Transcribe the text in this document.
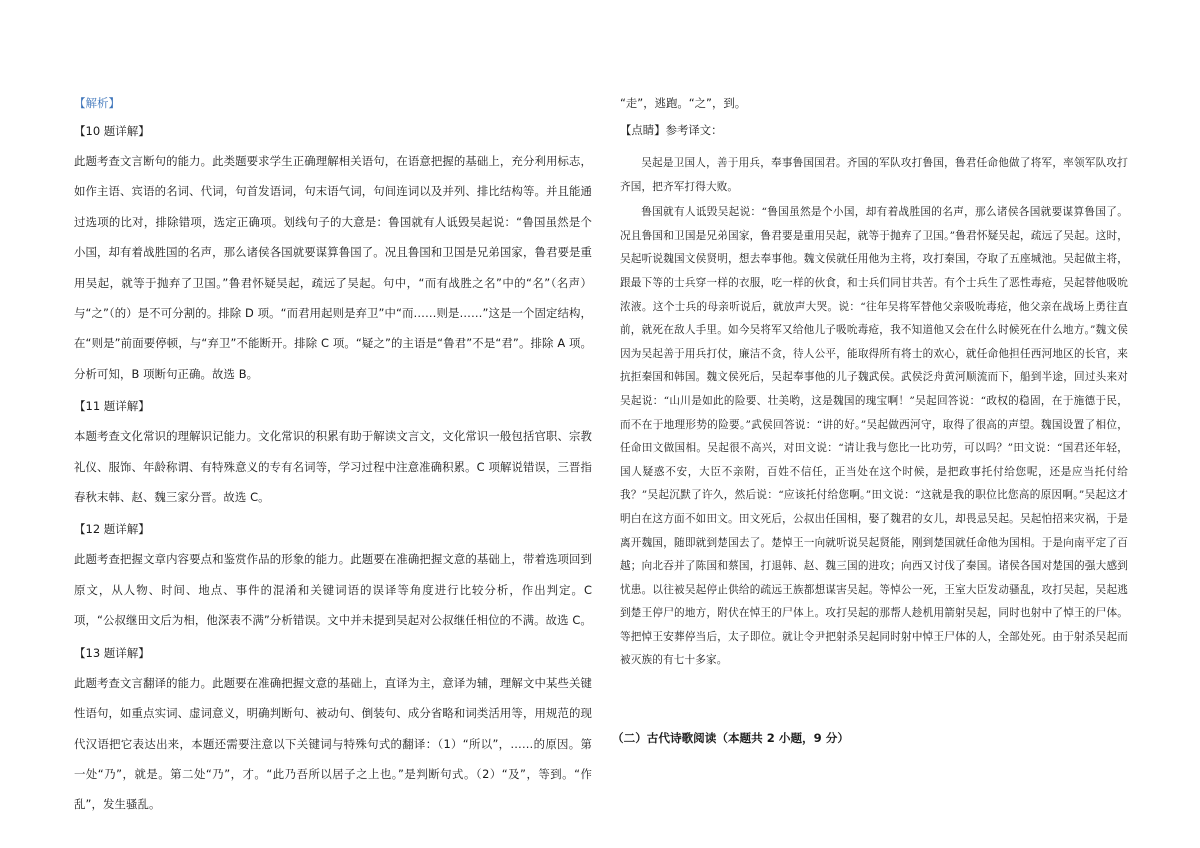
【解析】
【10 题详解】

此题考查文言断句的能力。此类题要求学生正确理解相关语句，在语意把握的基础上，充分利用标志，如作主语、宾语的名词、代词，句首发语词，句末语气词，句间连词以及并列、排比结构等。并且能通过选项的比对，排除错项，选定正确项。划线句子的大意是：鲁国就有人诋毁吴起说：“鲁国虽然是个小国，却有着战胜国的名声，那么诸侯各国就要谋算鲁国了。况且鲁国和卫国是兄弟国家，鲁君要是重用吴起，就等于抛弃了卫国。”鲁君怀疑吴起，疏远了吴起。句中，“而有战胜之名”中的“名”（名声）与“之”（的）是不可分割的。排除 D 项。“而君用起则是弃卫”中“而……则是……”这是一个固定结构，在“则是”前面要停顿，与“弃卫”不能断开。排除 C 项。“疑之”的主语是“鲁君”不是“君”。排除 A 项。分析可知，B 项断句正确。故选 B。

【11 题详解】

本题考查文化常识的理解识记能力。文化常识的积累有助于解读文言文，文化常识一般包括官职、宗教礼仪、服饰、年龄称谓、有特殊意义的专有名词等，学习过程中注意准确积累。C 项解说错误，三晋指春秋末韩、赵、魏三家分晋。故选 C。

【12 题详解】

此题考查把握文章内容要点和鉴赏作品的形象的能力。此题要在准确把握文意的基础上，带着选项回到原文，从人物、时间、地点、事件的混淆和关键词语的误译等角度进行比较分析，作出判定。C 项，“公叔继田文后为相，他深表不满”分析错误。文中并未提到吴起对公叔继任相位的不满。故选 C。

【13 题详解】

此题考查文言翻译的能力。此题要在准确把握文意的基础上，直译为主，意译为辅，理解文中某些关键性语句，如重点实词、虚词意义，明确判断句、被动句、倒装句、成分省略和词类活用等，用规范的现代汉语把它表达出来，本题还需要注意以下关键词与特殊句式的翻译：（1）“所以”，……的原因。第一处“乃”，就是。第二处“乃”，才。“此乃吾所以居子之上也。”是判断句式。（2）“及”，等到。“作乱”，发生骚乱。

“走”，逃跑。“之”，到。
【点睛】参考译文：

吴起是卫国人，善于用兵，奉事鲁国国君。齐国的军队攻打鲁国，鲁君任命他做了将军，率领军队攻打齐国，把齐军打得大败。

鲁国就有人诋毁吴起说：“鲁国虽然是个小国，却有着战胜国的名声，那么诸侯各国就要谋算鲁国了。况且鲁国和卫国是兄弟国家，鲁君要是重用吴起，就等于抛弃了卫国。”鲁君怀疑吴起，疏远了吴起。这时，吴起听说魏国文侯贤明，想去奉事他。魏文侯就任用他为主将，攻打秦国，夺取了五座城池。吴起做主将，跟最下等的士兵穿一样的衣服，吃一样的伙食，和士兵们同甘共苦。有个士兵生了恶性毒疮，吴起替他吸吮浓液。这个士兵的母亲听说后，就放声大哭。说：“往年吴将军替他父亲吸吮毒疮，他父亲在战场上勇往直前，就死在敌人手里。如今吴将军又给他儿子吸吮毒疮，我不知道他又会在什么时候死在什么地方。”魏文侯因为吴起善于用兵打仗，廉洁不贪，待人公平，能取得所有将士的欢心，就任命他担任西河地区的长官，来抗拒秦国和韩国。魏文侯死后，吴起奉事他的儿子魏武侯。武侯泛舟黄河顺流而下，船到半途，回过头来对吴起说：“山川是如此的险要、壮美哟，这是魏国的瑰宝啊！”吴起回答说：“政权的稳固，在于施德于民，而不在于地理形势的险要。”武侯回答说：“讲的好。”吴起做西河守，取得了很高的声望。魏国设置了相位，任命田文做国相。吴起很不高兴，对田文说：“请让我与您比一比功劳，可以吗？”田文说：“国君还年轻，国人疑惑不安，大臣不亲附，百姓不信任，正当处在这个时候，是把政事托付给您呢，还是应当托付给我？”吴起沉默了许久，然后说：“应该托付给您啊。”田文说：“这就是我的职位比您高的原因啊。”吴起这才明白在这方面不如田文。田文死后，公叔出任国相，娶了魏君的女儿，却畏忌吴起。吴起怕招来灾祸，于是离开魏国，随即就到楚国去了。楚悼王一向就听说吴起贤能，刚到楚国就任命他为国相。于是向南平定了百越；向北吞并了陈国和蔡国，打退韩、赵、魏三国的进攻；向西又讨伐了秦国。诸侯各国对楚国的强大感到忧患。以往被吴起停止供给的疏远王族都想谋害吴起。等悼公一死，王室大臣发动骚乱，攻打吴起，吴起逃到楚王停尸的地方，附伏在悼王的尸体上。攻打吴起的那帮人趁机用箭射吴起，同时也射中了悼王的尸体。等把悼王安葬停当后，太子即位。就让令尹把射杀吴起同时射中悼王尸体的人，全部处死。由于射杀吴起而被灭族的有七十多家。

（二）古代诗歌阅读（本题共 2 小题，9 分）
